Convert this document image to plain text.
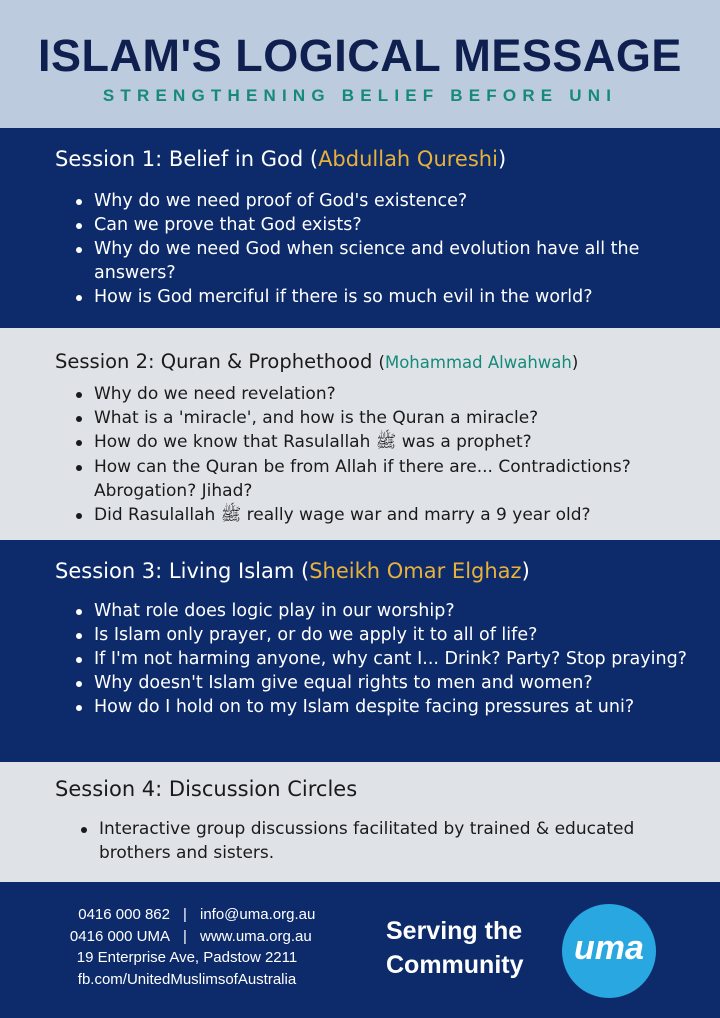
ISLAM'S LOGICAL MESSAGE
STRENGTHENING BELIEF BEFORE UNI
Session 1: Belief in God (Abdullah Qureshi)
Why do we need proof of God's existence?
Can we prove that God exists?
Why do we need God when science and evolution have all the answers?
How is God merciful if there is so much evil in the world?
Session 2: Quran & Prophethood (Mohammad Alwahwah)
Why do we need revelation?
What is a 'miracle', and how is the Quran a miracle?
How do we know that Rasulallah ﷺ was a prophet?
How can the Quran be from Allah if there are... Contradictions? Abrogation? Jihad?
Did Rasulallah ﷺ really wage war and marry a 9 year old?
Session 3: Living Islam (Sheikh Omar Elghaz)
What role does logic play in our worship?
Is Islam only prayer, or do we apply it to all of life?
If I'm not harming anyone, why cant I... Drink? Party? Stop praying?
Why doesn't Islam give equal rights to men and women?
How do I hold on to my Islam despite facing pressures at uni?
Session 4: Discussion Circles
Interactive group discussions facilitated by trained & educated brothers and sisters.
0416 000 862 | info@uma.org.au
0416 000 UMA | www.uma.org.au
19 Enterprise Ave, Padstow 2211
fb.com/UnitedMuslimsofAustralia
Serving the
Community	uma
